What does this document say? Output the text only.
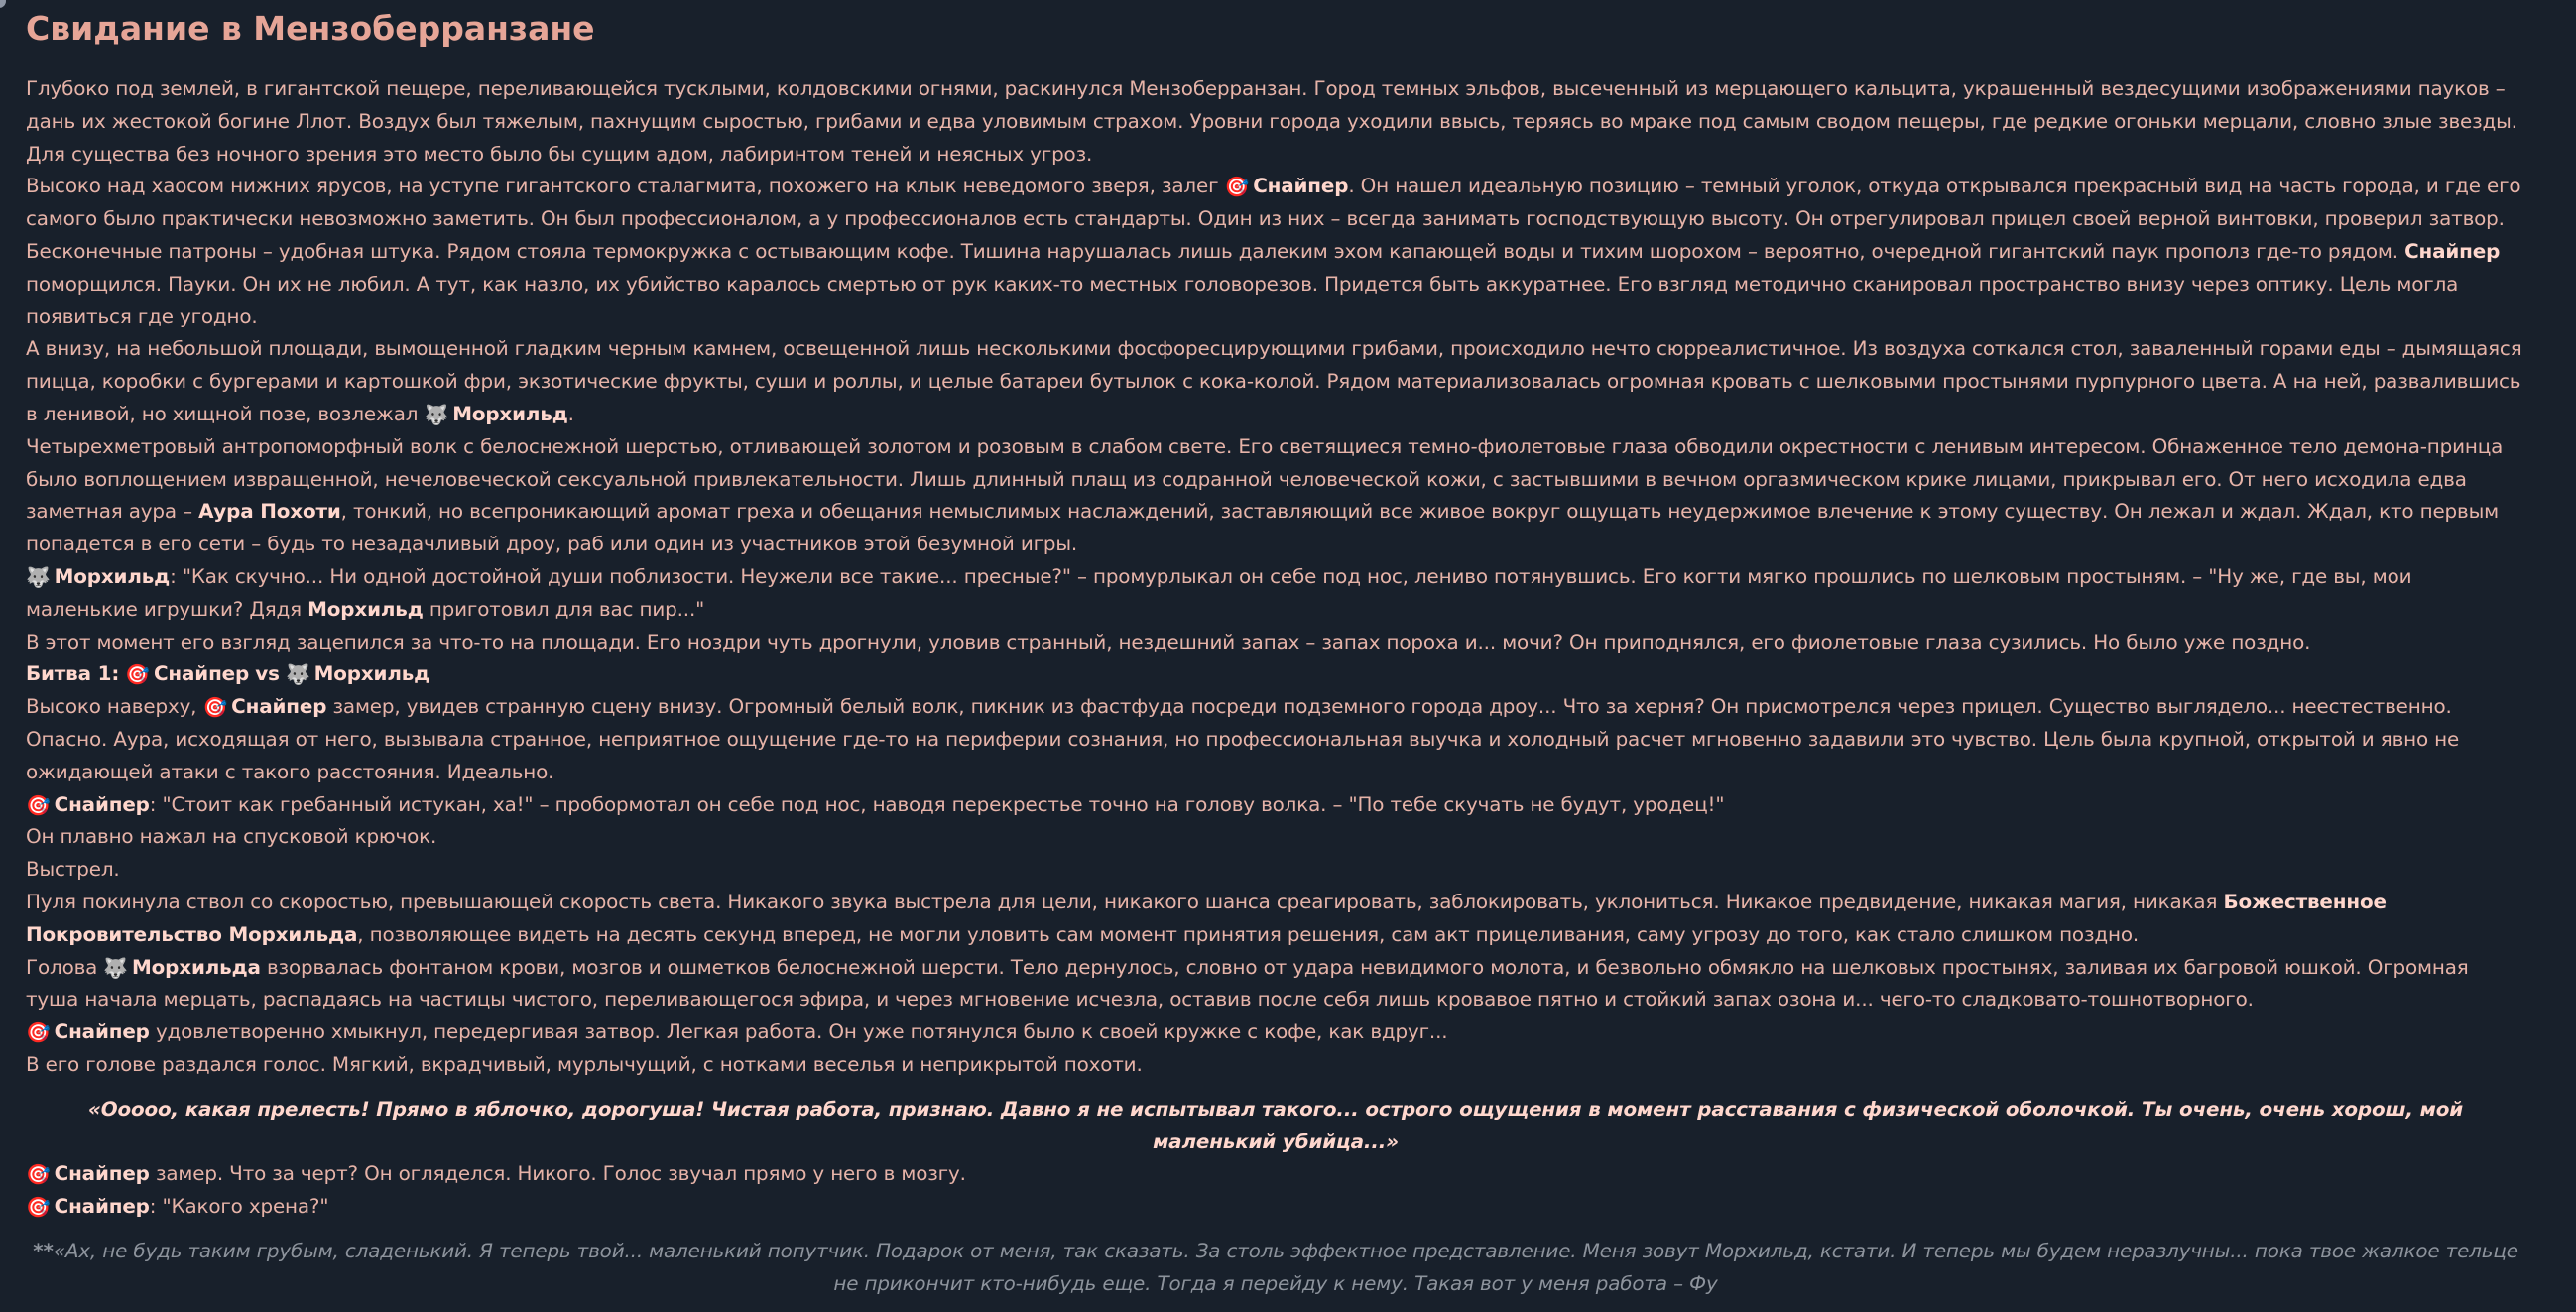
Свидание в Мензоберранзане

Глубоко под землей, в гигантской пещере, переливающейся тусклыми, колдовскими огнями, раскинулся Мензоберранзан. Город темных эльфов, высеченный из мерцающего кальцита, украшенный вездесущими изображениями пауков – дань их жестокой богине Ллот. Воздух был тяжелым, пахнущим сыростью, грибами и едва уловимым страхом. Уровни города уходили ввысь, теряясь во мраке под самым сводом пещеры, где редкие огоньки мерцали, словно злые звезды. Для существа без ночного зрения это место было бы сущим адом, лабиринтом теней и неясных угроз.

Высоко над хаосом нижних ярусов, на уступе гигантского сталагмита, похожего на клык неведомого зверя, залег 🎯 Снайпер. Он нашел идеальную позицию – темный уголок, откуда открывался прекрасный вид на часть города, и где его самого было практически невозможно заметить. Он был профессионалом, а у профессионалов есть стандарты. Один из них – всегда занимать господствующую высоту. Он отрегулировал прицел своей верной винтовки, проверил затвор. Бесконечные патроны – удобная штука. Рядом стояла термокружка с остывающим кофе. Тишина нарушалась лишь далеким эхом капающей воды и тихим шорохом – вероятно, очередной гигантский паук прополз где-то рядом. Снайпер поморщился. Пауки. Он их не любил. А тут, как назло, их убийство каралось смертью от рук каких-то местных головорезов. Придется быть аккуратнее. Его взгляд методично сканировал пространство внизу через оптику. Цель могла появиться где угодно.

А внизу, на небольшой площади, вымощенной гладким черным камнем, освещенной лишь несколькими фосфоресцирующими грибами, происходило нечто сюрреалистичное. Из воздуха соткался стол, заваленный горами еды – дымящаяся пицца, коробки с бургерами и картошкой фри, экзотические фрукты, суши и роллы, и целые батареи бутылок с кока-колой. Рядом материализовалась огромная кровать с шелковыми простынями пурпурного цвета. А на ней, развалившись в ленивой, но хищной позе, возлежал 🐺 Морхильд.

Четырехметровый антропоморфный волк с белоснежной шерстью, отливающей золотом и розовым в слабом свете. Его светящиеся темно-фиолетовые глаза обводили окрестности с ленивым интересом. Обнаженное тело демона-принца было воплощением извращенной, нечеловеческой сексуальной привлекательности. Лишь длинный плащ из содранной человеческой кожи, с застывшими в вечном оргазмическом крике лицами, прикрывал его. От него исходила едва заметная аура – Аура Похоти, тонкий, но всепроникающий аромат греха и обещания немыслимых наслаждений, заставляющий все живое вокруг ощущать неудержимое влечение к этому существу. Он лежал и ждал. Ждал, кто первым попадется в его сети – будь то незадачливый дроу, раб или один из участников этой безумной игры.

🐺 Морхильд: "Как скучно... Ни одной достойной души поблизости. Неужели все такие... пресные?" – промурлыкал он себе под нос, лениво потянувшись. Его когти мягко прошлись по шелковым простыням. – "Ну же, где вы, мои маленькие игрушки? Дядя Морхильд приготовил для вас пир..."

В этот момент его взгляд зацепился за что-то на площади. Его ноздри чуть дрогнули, уловив странный, нездешний запах – запах пороха и... мочи? Он приподнялся, его фиолетовые глаза сузились. Но было уже поздно.

Битва 1: 🎯 Снайпер vs 🐺 Морхильд

Высоко наверху, 🎯 Снайпер замер, увидев странную сцену внизу. Огромный белый волк, пикник из фастфуда посреди подземного города дроу... Что за херня? Он присмотрелся через прицел. Существо выглядело... неестественно. Опасно. Аура, исходящая от него, вызывала странное, неприятное ощущение где-то на периферии сознания, но профессиональная выучка и холодный расчет мгновенно задавили это чувство. Цель была крупной, открытой и явно не ожидающей атаки с такого расстояния. Идеально.

🎯 Снайпер: "Стоит как гребанный истукан, ха!" – пробормотал он себе под нос, наводя перекрестье точно на голову волка. – "По тебе скучать не будут, уродец!"

Он плавно нажал на спусковой крючок.

Выстрел.

Пуля покинула ствол со скоростью, превышающей скорость света. Никакого звука выстрела для цели, никакого шанса среагировать, заблокировать, уклониться. Никакое предвидение, никакая магия, никакая Божественное Покровительство Морхильда, позволяющее видеть на десять секунд вперед, не могли уловить сам момент принятия решения, сам акт прицеливания, саму угрозу до того, как стало слишком поздно.

Голова 🐺 Морхильда взорвалась фонтаном крови, мозгов и ошметков белоснежной шерсти. Тело дернулось, словно от удара невидимого молота, и безвольно обмякло на шелковых простынях, заливая их багровой юшкой. Огромная туша начала мерцать, распадаясь на частицы чистого, переливающегося эфира, и через мгновение исчезла, оставив после себя лишь кровавое пятно и стойкий запах озона и... чего-то сладковато-тошнотворного.

🎯 Снайпер удовлетворенно хмыкнул, передергивая затвор. Легкая работа. Он уже потянулся было к своей кружке с кофе, как вдруг...

В его голове раздался голос. Мягкий, вкрадчивый, мурлычущий, с нотками веселья и неприкрытой похоти.

«Ооооо, какая прелесть! Прямо в яблочко, дорогуша! Чистая работа, признаю. Давно я не испытывал такого... острого ощущения в момент расставания с физической оболочкой. Ты очень, очень хорош, мой маленький убийца...»

🎯 Снайпер замер. Что за черт? Он огляделся. Никого. Голос звучал прямо у него в мозгу.

🎯 Снайпер: "Какого хрена?"

**«Ах, не будь таким грубым, сладенький. Я теперь твой... маленький попутчик. Подарок от меня, так сказать. За столь эффектное представление. Меня зовут Морхильд, кстати. И теперь мы будем неразлучны... пока твое жалкое тельце не прикончит кто-нибудь еще. Тогда я перейду к нему. Такая вот у меня работа – Фу
